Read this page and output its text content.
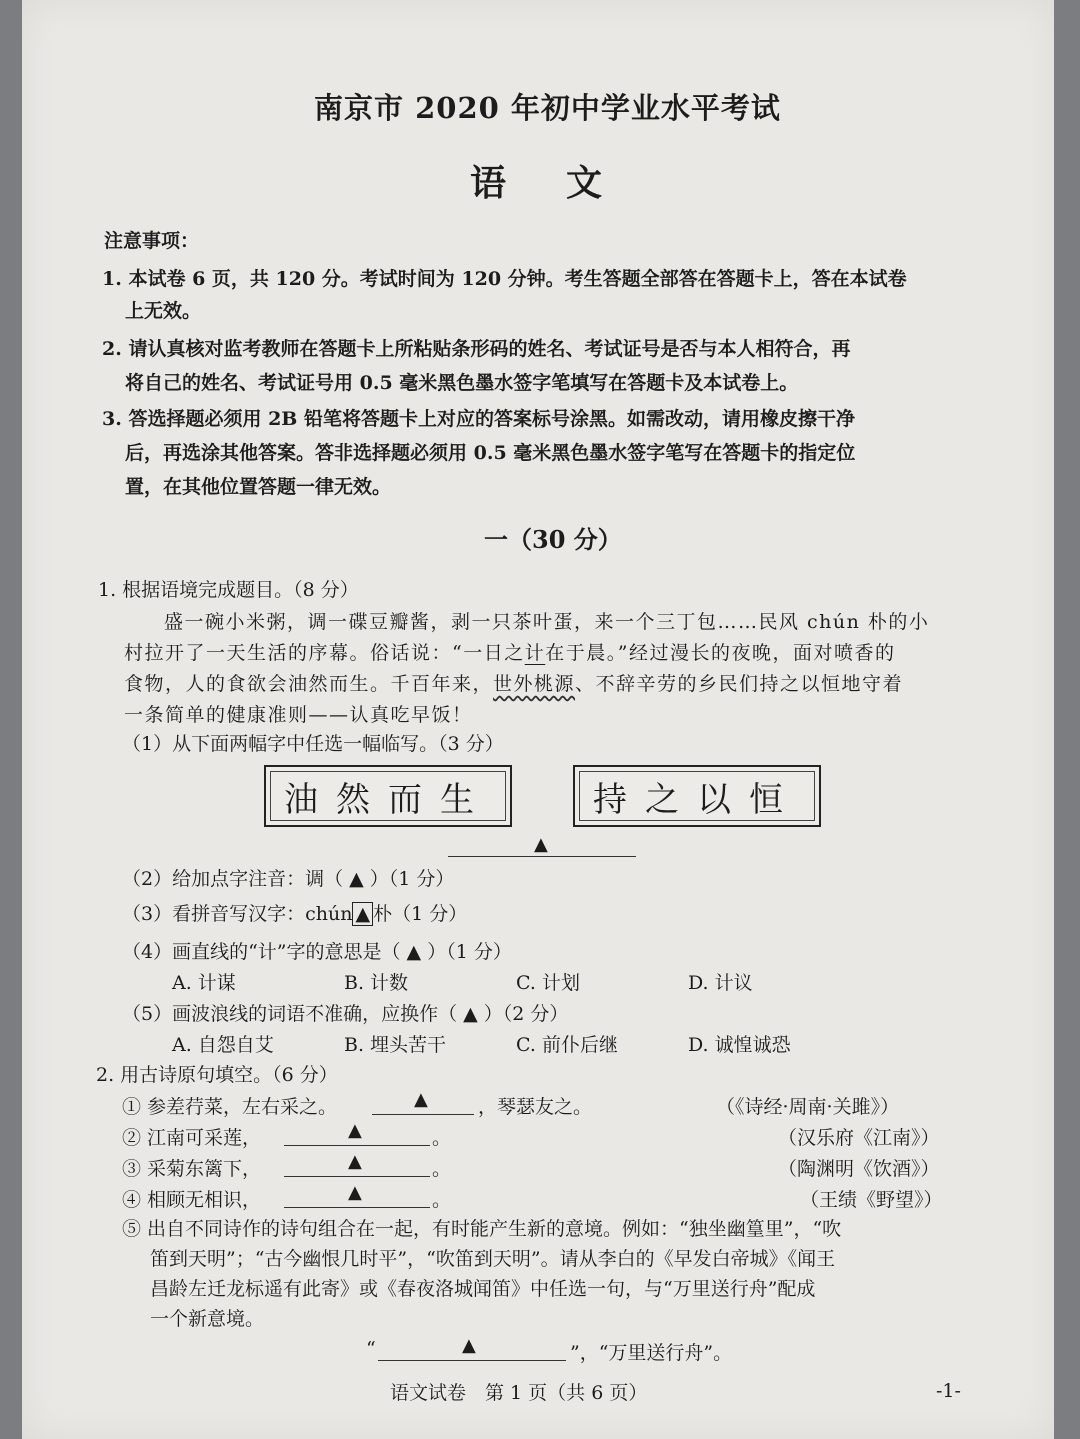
南京市 2020 年初中学业水平考试
语文
注意事项：
1. 本试卷 6 页，共 120 分。考试时间为 120 分钟。考生答题全部答在答题卡上，答在本试卷
上无效。
2. 请认真核对监考教师在答题卡上所粘贴条形码的姓名、考试证号是否与本人相符合，再
将自己的姓名、考试证号用 0.5 毫米黑色墨水签字笔填写在答题卡及本试卷上。
3. 答选择题必须用 2B 铅笔将答题卡上对应的答案标号涂黑。如需改动，请用橡皮擦干净
后，再选涂其他答案。答非选择题必须用 0.5 毫米黑色墨水签字笔写在答题卡的指定位
置，在其他位置答题一律无效。
一（30 分）
1. 根据语境完成题目。（8 分）
盛一碗小米粥，调一碟豆瓣酱，剥一只茶叶蛋，来一个三丁包……民风 chún 朴的小
村拉开了一天生活的序幕。俗话说：“一日之计在于晨。”经过漫长的夜晚，面对喷香的
食物，人的食欲会油然而生。千百年来，世外桃源、不辞辛劳的乡民们持之以恒地守着
一条简单的健康准则——认真吃早饭！
（1）从下面两幅字中任选一幅临写。（3 分）
油然而生	持之以恒
▲
（2）给加点字注音：调（ ▲ ）（1 分）
（3）看拼音写汉字：chún ▲ 朴（1 分）
（4）画直线的“计”字的意思是（ ▲ ）（1 分）
A. 计谋	B. 计数	C. 计划	D. 计议
（5）画波浪线的词语不准确，应换作（ ▲ ）（2 分）
A. 自怨自艾	B. 埋头苦干	C. 前仆后继	D. 诚惶诚恐
2. 用古诗原句填空。（6 分）
① 参差荇菜，左右采之。	▲	，琴瑟友之。	（《诗经·周南·关雎》）
② 江南可采莲，	▲	。	（汉乐府《江南》）
③ 采菊东篱下，	▲	。	（陶渊明《饮酒》）
④ 相顾无相识，	▲	。	（王绩《野望》）
⑤ 出自不同诗作的诗句组合在一起，有时能产生新的意境。例如：“独坐幽篁里”，“吹
笛到天明”；“古今幽恨几时平”，“吹笛到天明”。请从李白的《早发白帝城》《闻王
昌龄左迁龙标遥有此寄》或《春夜洛城闻笛》中任选一句，与“万里送行舟”配成
一个新意境。
“	▲	”，“万里送行舟”。
语文试卷　第 1 页（共 6 页）	-1-
